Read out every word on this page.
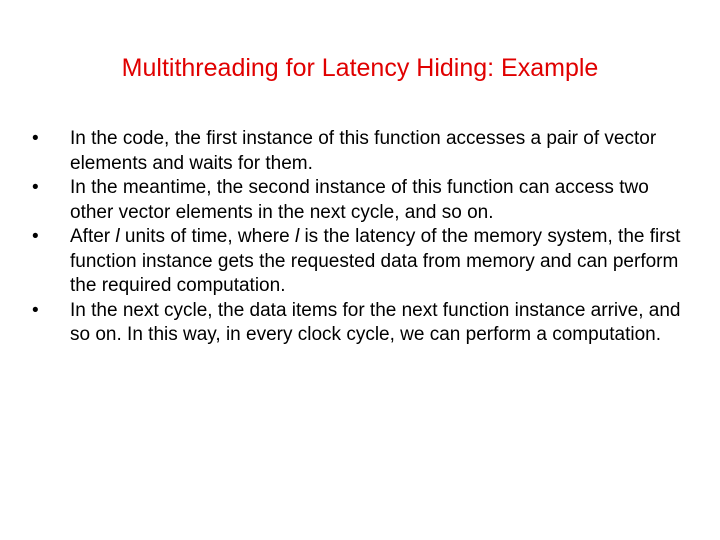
Multithreading for Latency Hiding: Example
• In the code, the first instance of this function accesses a pair of vector elements and waits for them.
• In the meantime, the second instance of this function can access two other vector elements in the next cycle, and so on.
• After l units of time, where l is the latency of the memory system, the first function instance gets the requested data from memory and can perform the required computation.
• In the next cycle, the data items for the next function instance arrive, and so on. In this way, in every clock cycle, we can perform a computation.
